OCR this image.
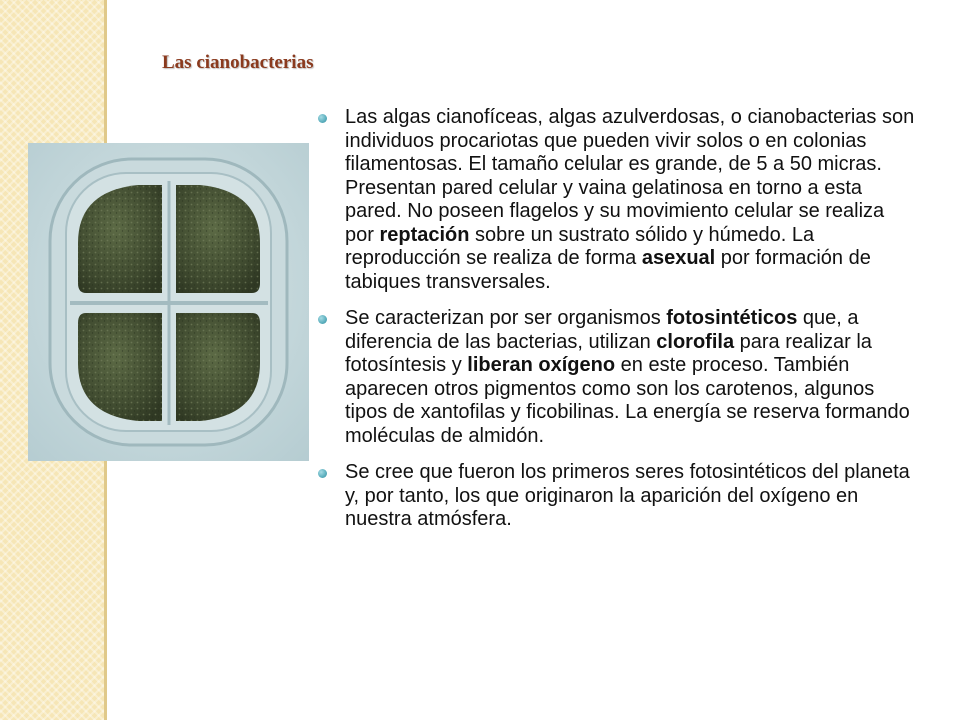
Las cianobacterias
Las algas cianofíceas, algas azulverdosas, o cianobacterias son individuos procariotas que pueden vivir solos o en colonias filamentosas. El tamaño celular es grande, de 5 a 50 micras. Presentan pared celular y vaina gelatinosa en torno a esta pared. No poseen flagelos y su movimiento celular se realiza por reptación sobre un sustrato sólido y húmedo. La reproducción se realiza de forma asexual por formación de tabiques transversales.
Se caracterizan por ser organismos fotosintéticos que, a diferencia de las bacterias, utilizan clorofila para realizar la fotosíntesis y liberan oxígeno en este proceso. También aparecen otros pigmentos como son los carotenos, algunos tipos de xantofilas y ficobilinas. La energía se reserva formando moléculas de almidón.
Se cree que fueron los primeros seres fotosintéticos del planeta y, por tanto, los que originaron la aparición del oxígeno en nuestra atmósfera.
